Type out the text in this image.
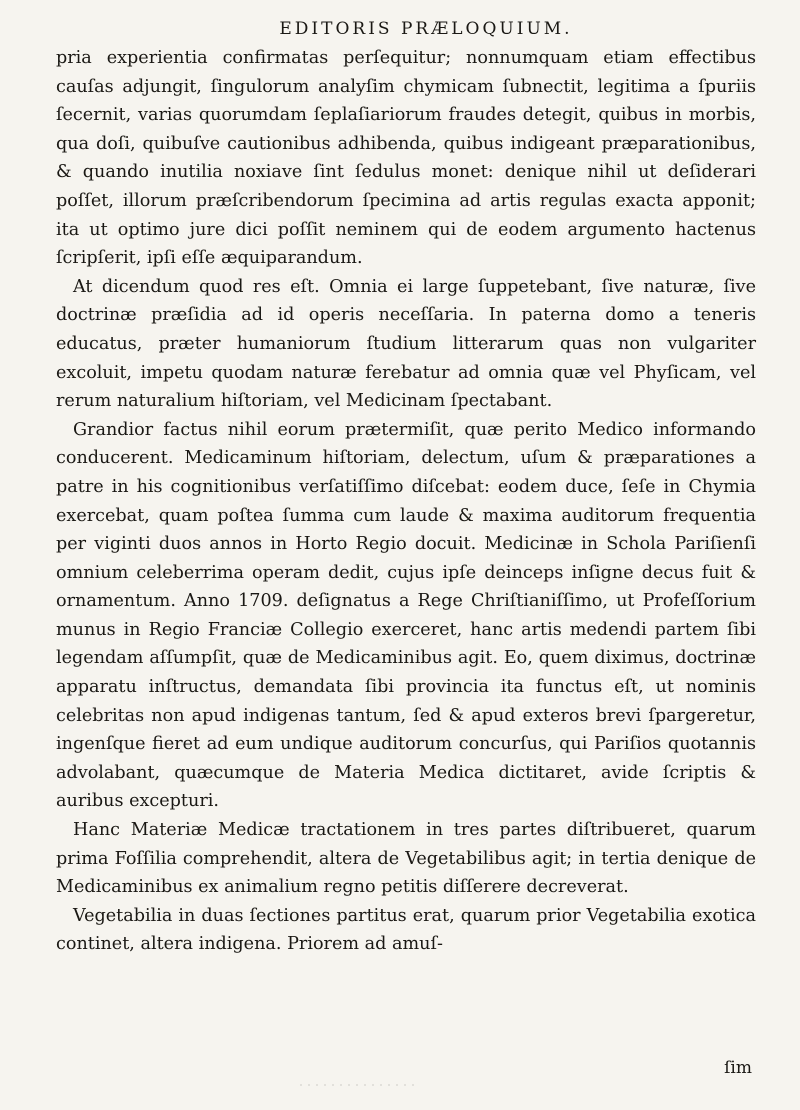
EDITORIS PRÆLOQUIUM.

pria experientia confirmatas perſequitur; nonnumquam etiam effectibus cauſas adjungit, ſingulorum analyſim chymicam ſubnectit, legitima a ſpuriis ſecernit, varias quorumdam ſeplaſiariorum fraudes detegit, quibus in morbis, qua doſi, quibuſve cautionibus adhibenda, quibus indigeant præparationibus, & quando inutilia noxiave ſint ſedulus monet: denique nihil ut deſiderari poſſet, illorum præſcribendorum ſpecimina ad artis regulas exacta apponit; ita ut optimo jure dici poſſit neminem qui de eodem argumento hactenus ſcripſerit, ipſi eſſe æquiparandum.

At dicendum quod res eſt. Omnia ei large ſuppetebant, ſive naturæ, ſive doctrinæ præſidia ad id operis neceſſaria. In paterna domo a teneris educatus, præter humaniorum ſtudium litterarum quas non vulgariter excoluit, impetu quodam naturæ ferebatur ad omnia quæ vel Phyſicam, vel rerum naturalium hiſtoriam, vel Medicinam ſpectabant.

Grandior factus nihil eorum prætermiſit, quæ perito Medico informando conducerent. Medicaminum hiſtoriam, delectum, uſum & præparationes a patre in his cognitionibus verſatiſſimo diſcebat: eodem duce, ſeſe in Chymia exercebat, quam poſtea ſumma cum laude & maxima auditorum frequentia per viginti duos annos in Horto Regio docuit. Medicinæ in Schola Pariſienſi omnium celeberrima operam dedit, cujus ipſe deinceps inſigne decus fuit & ornamentum. Anno 1709. deſignatus a Rege Chriſtianiſſimo, ut Profeſſorium munus in Regio Franciæ Collegio exerceret, hanc artis medendi partem ſibi legendam aſſumpſit, quæ de Medicaminibus agit. Eo, quem diximus, doctrinæ apparatu inſtructus, demandata ſibi provincia ita functus eſt, ut nominis celebritas non apud indigenas tantum, ſed & apud exteros brevi ſpargeretur, ingenſque fieret ad eum undique auditorum concurſus, qui Pariſios quotannis advolabant, quæcumque de Materia Medica dictitaret, avide ſcriptis & auribus excepturi.

Hanc Materiæ Medicæ tractationem in tres partes diſtribueret, quarum prima Foſſilia comprehendit, altera de Vegetabilibus agit; in tertia denique de Medicaminibus ex animalium regno petitis diſſerere decreverat.

Vegetabilia in duas ſectiones partitus erat, quarum prior Vegetabilia exotica continet, altera indigena. Priorem ad amuſ-

ſim
